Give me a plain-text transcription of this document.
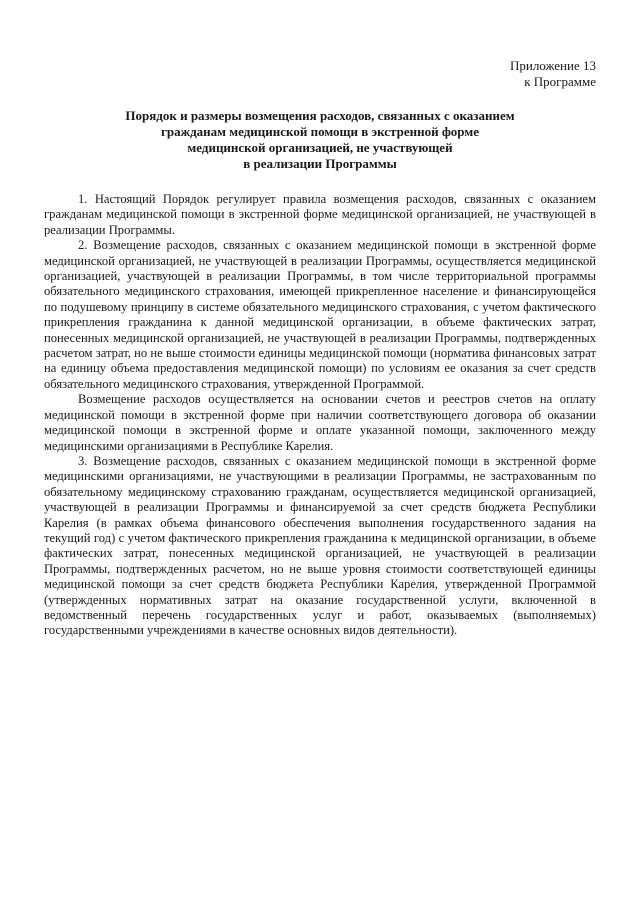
Приложение 13
к Программе
Порядок и размеры возмещения расходов, связанных с оказанием
гражданам медицинской помощи в экстренной форме
медицинской организацией, не участвующей
в реализации Программы

1. Настоящий Порядок регулирует правила возмещения расходов, связанных с оказанием гражданам медицинской помощи в экстренной форме медицинской организацией, не участвующей в реализации Программы.

2. Возмещение расходов, связанных с оказанием медицинской помощи в экстренной форме медицинской организацией, не участвующей в реализации Программы, осуществляется медицинской организацией, участвующей в реализации Программы, в том числе территориальной программы обязательного медицинского страхования, имеющей прикрепленное население и финансирующейся по подушевому принципу в системе обязательного медицинского страхования, с учетом фактического прикрепления гражданина к данной медицинской организации, в объеме фактических затрат, понесенных медицинской организацией, не участвующей в реализации Программы, подтвержденных расчетом затрат, но не выше стоимости единицы медицинской помощи (норматива финансовых затрат на единицу объема предоставления медицинской помощи) по условиям ее оказания за счет средств обязательного медицинского страхования, утвержденной Программой.

Возмещение расходов осуществляется на основании счетов и реестров счетов на оплату медицинской помощи в экстренной форме при наличии соответствующего договора об оказании медицинской помощи в экстренной форме и оплате указанной помощи, заключенного между медицинскими организациями в Республике Карелия.

3. Возмещение расходов, связанных с оказанием медицинской помощи в экстренной форме медицинскими организациями, не участвующими в реализации Программы, не застрахованным по обязательному медицинскому страхованию гражданам, осуществляется медицинской организацией, участвующей в реализации Программы и финансируемой за счет средств бюджета Республики Карелия (в рамках объема финансового обеспечения выполнения государственного задания на текущий год) с учетом фактического прикрепления гражданина к медицинской организации, в объеме фактических затрат, понесенных медицинской организацией, не участвующей в реализации Программы, подтвержденных расчетом, но не выше уровня стоимости соответствующей единицы медицинской помощи за счет средств бюджета Республики Карелия, утвержденной Программой (утвержденных нормативных затрат на оказание государственной услуги, включенной в ведомственный перечень государственных услуг и работ, оказываемых (выполняемых) государственными учреждениями в качестве основных видов деятельности).
